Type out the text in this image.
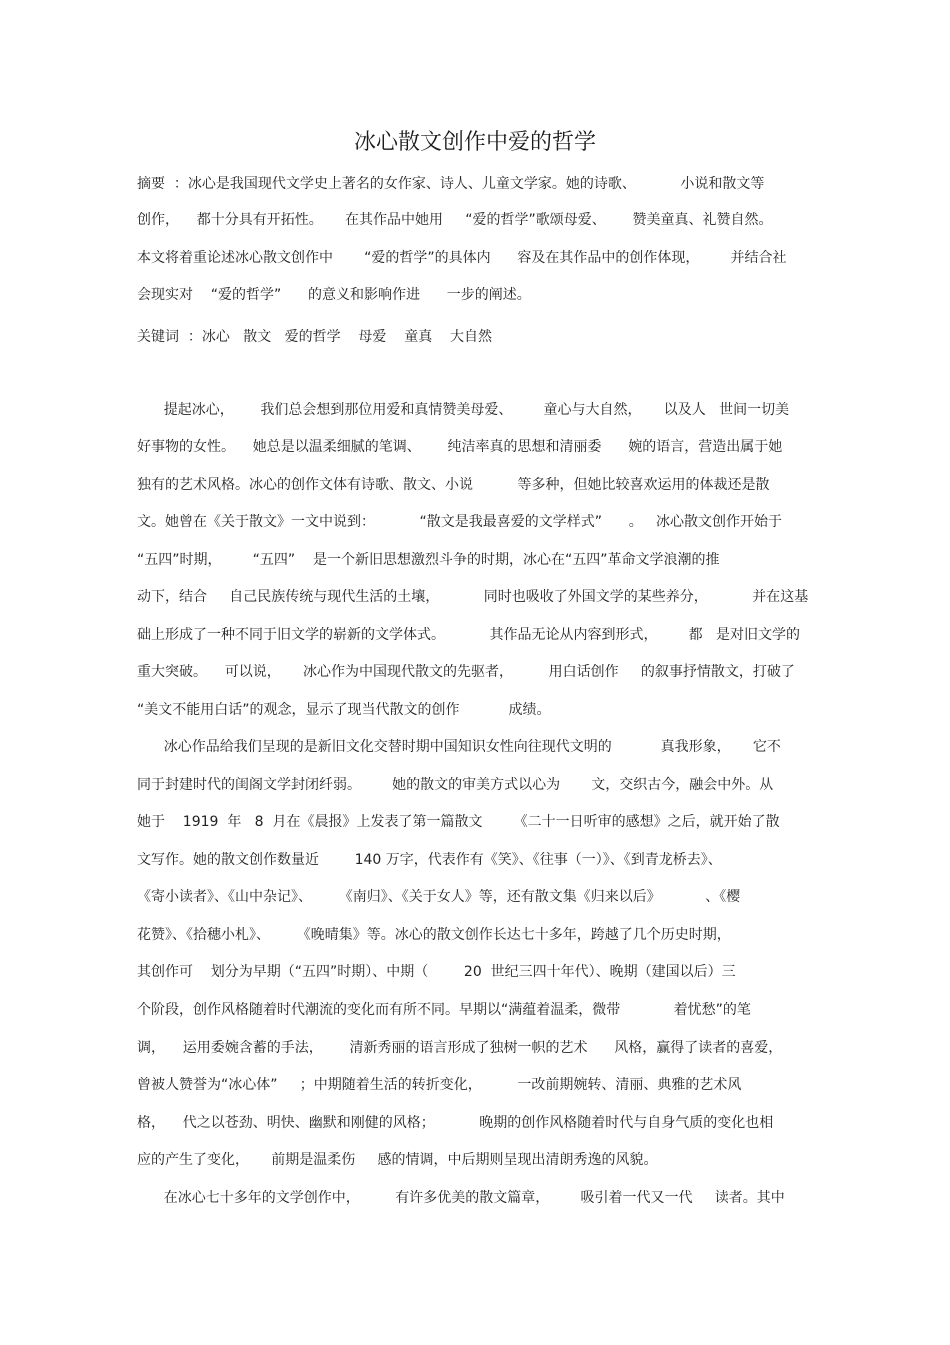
冰心散文创作中爱的哲学
摘要  ：冰心是我国现代文学史上著名的女作家、诗人、儿童文学家。她的诗歌、          小说和散文等
创作，    都十分具有开拓性。     在其作品中她用     “爱的哲学”歌颂母爱、      赞美童真、礼赞自然。
本文将着重论述冰心散文创作中       “爱的哲学”的具体内      容及在其作品中的创作体现，       并结合社
会现实对    “爱的哲学”      的意义和影响作进      一步的阐述。
关键词  ：冰心   散文   爱的哲学    母爱    童真    大自然
提起冰心，      我们总会想到那位用爱和真情赞美母爱、       童心与大自然，     以及人   世间一切美
好事物的女性。    她总是以温柔细腻的笔调、      纯洁率真的思想和清丽委      婉的语言，营造出属于她
独有的艺术风格。冰心的创作文体有诗歌、散文、小说          等多种，但她比较喜欢运用的体裁还是散
文。她曾在《关于散文》一文中说到：          “散文是我最喜爱的文学样式”      。   冰心散文创作开始于
“五四”时期，       “五四”    是一个新旧思想激烈斗争的时期，冰心在“五四”革命文学浪潮的推
动下，结合     自己民族传统与现代生活的土壤，          同时也吸收了外国文学的某些养分，          并在这基
础上形成了一种不同于旧文学的崭新的文学体式。          其作品无论从内容到形式，       都   是对旧文学的
重大突破。    可以说，     冰心作为中国现代散文的先驱者，        用白话创作     的叙事抒情散文，打破了
“美文不能用白话”的观念，显示了现当代散文的创作           成绩。
冰心作品给我们呈现的是新旧文化交替时期中国知识女性向往现代文明的           真我形象，     它不
同于封建时代的闺阁文学封闭纤弱。       她的散文的审美方式以心为       文，交织古今，融会中外。从
她于    1919  年   8  月在《晨报》上发表了第一篇散文       《二十一日听审的感想》之后，就开始了散
文写作。她的散文创作数量近        140 万字，代表作有《笑》、《往事（一）》、《到青龙桥去》、
《寄小读者》、《山中杂记》、      《南归》、《关于女人》等，还有散文集《归来以后》          、《樱
花赞》、《拾穗小札》、      《晚晴集》等。冰心的散文创作长达七十多年，跨越了几个历史时期，
其创作可    划分为早期（“五四”时期）、中期（        20  世纪三四十年代）、晚期（建国以后）三
个阶段，创作风格随着时代潮流的变化而有所不同。早期以“满蕴着温柔，微带            着忧愁”的笔
调，    运用委婉含蓄的手法，      清新秀丽的语言形成了独树一帜的艺术      风格，赢得了读者的喜爱，
曾被人赞誉为“冰心体”     ；中期随着生活的转折变化，        一改前期婉转、清丽、典雅的艺术风
格，    代之以苍劲、明快、幽默和刚健的风格；          晚期的创作风格随着时代与自身气质的变化也相
应的产生了变化，     前期是温柔伤     感的情调，中后期则呈现出清朗秀逸的风貌。
在冰心七十多年的文学创作中，        有许多优美的散文篇章，       吸引着一代又一代     读者。其中
